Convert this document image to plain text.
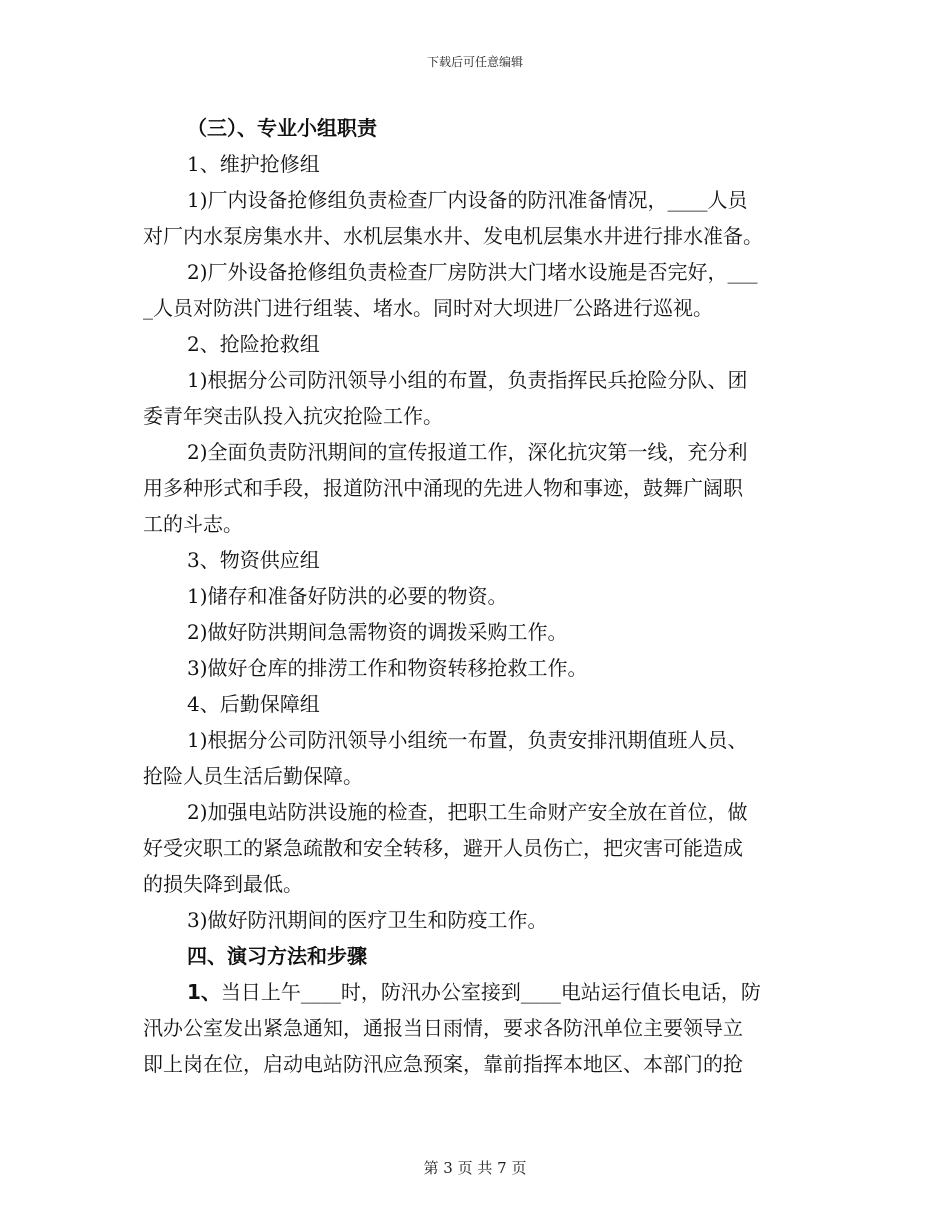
下载后可任意编辑
（三）、专业小组职责
1、维护抢修组
1)厂内设备抢修组负责检查厂内设备的防汛准备情况，____人员
对厂内水泵房集水井、水机层集水井、发电机层集水井进行排水准备。
2)厂外设备抢修组负责检查厂房防洪大门堵水设施是否完好，___
_人员对防洪门进行组装、堵水。同时对大坝进厂公路进行巡视。
2、抢险抢救组
1)根据分公司防汛领导小组的布置，负责指挥民兵抢险分队、团
委青年突击队投入抗灾抢险工作。
2)全面负责防汛期间的宣传报道工作，深化抗灾第一线，充分利
用多种形式和手段，报道防汛中涌现的先进人物和事迹，鼓舞广阔职
工的斗志。
3、物资供应组
1)储存和准备好防洪的必要的物资。
2)做好防洪期间急需物资的调拨采购工作。
3)做好仓库的排涝工作和物资转移抢救工作。
4、后勤保障组
1)根据分公司防汛领导小组统一布置，负责安排汛期值班人员、
抢险人员生活后勤保障。
2)加强电站防洪设施的检查，把职工生命财产安全放在首位，做
好受灾职工的紧急疏散和安全转移，避开人员伤亡，把灾害可能造成
的损失降到最低。
3)做好防汛期间的医疗卫生和防疫工作。
四、演习方法和步骤
1、当日上午____时，防汛办公室接到____电站运行值长电话，防
汛办公室发出紧急通知，通报当日雨情，要求各防汛单位主要领导立
即上岗在位，启动电站防汛应急预案，靠前指挥本地区、本部门的抢
第 3 页 共 7 页
